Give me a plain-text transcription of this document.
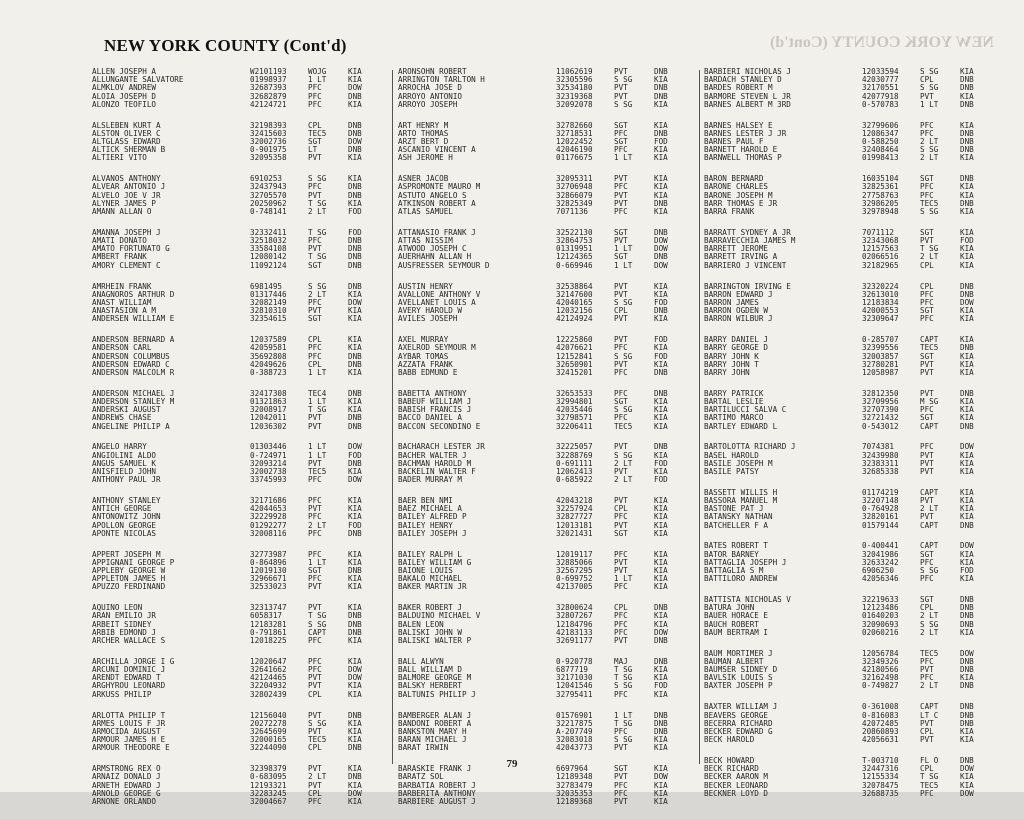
NEW YORK COUNTY (Cont'd)	NEW YORK COUNTY (Cont'd)
ALLEN JOSEPH A	W2101193	WOJG	KIA
ALLUNGANTE SALVATORE	01998937	1 LT	KIA
ALMKLOV ANDREW	32687393	PFC	DOW
ALOIA JOSEPH D	32682879	PFC	DNB
ALONZO TEOFILO	42124721	PFC	KIA
ALSLEBEN KURT A	32198393	CPL	DNB
ALSTON OLIVER C	32415603	TEC5	DNB
ALTGLASS EDWARD	32002736	SGT	DOW
ALTICK SHERMAN B	0-901975	LT	DNB
ALTIERI VITO	32095358	PVT	KIA
ALVANOS ANTHONY	6910253	S SG	KIA
ALVEAR ANTONIO J	32437943	PFC	DNB
ALVELO JOE V JR	32705570	PVT	DNB
ALYNER JAMES P	20250962	T SG	KIA
AMANN ALLAN O	0-748141	2 LT	FOD
AMANNA JOSEPH J	32332411	T SG	FOD
AMATI DONATO	32518032	PFC	DNB
AMATO FORTUNATO G	33584108	PVT	DNB
AMBERT FRANK	12080142	T SG	DNB
AMORY CLEMENT C	11092124	SGT	DNB
AMRHEIN FRANK	6981495	S SG	DNB
ANAGNOROS ARTHUR D	01317446	2 LT	KIA
ANAST WILLIAM	32082149	PFC	DOW
ANASTASION A M	32810310	PVT	KIA
ANDERSEN WILLIAM E	32354615	SGT	KIA
ANDERSON BERNARD A	12037589	CPL	KIA
ANDERSON CARL	42059581	PFC	KIA
ANDERSON COLUMBUS	35692808	PFC	DNB
ANDERSON EDWARD C	42049626	CPL	DNB
ANDERSON MALCOLM R	0-388723	1 LT	KIA
ANDERSON MICHAEL J	32417308	TEC4	DNB
ANDERSON STANLEY M	01321863	1 LT	KIA
ANDERSKI AUGUST	32008917	T SG	KIA
ANDREWS CHASE	12042011	PVT	DNB
ANGELINE PHILIP A	12036302	PVT	DNB
ANGELO HARRY	01303446	1 LT	DOW
ANGIOLINI ALDO	0-724971	1 LT	FOD
ANGUS SAMUEL K	32093214	PVT	DNB
ANISFIELD JOHN	32002738	TEC5	KIA
ANTHONY PAUL JR	33745993	PFC	DOW
ANTHONY STANLEY	32171686	PFC	KIA
ANTICH GEORGE	42044653	PVT	KIA
ANTONOWITZ JOHN	32229928	PFC	KIA
APOLLON GEORGE	01292277	2 LT	FOD
APONTE NICOLAS	32008116	PFC	DNB
APPERT JOSEPH M	32773987	PFC	KIA
APPIGNANI GEORGE P	0-864896	1 LT	KIA
APPLEBY GEORGE W	12019130	SGT	DNB
APPLETON JAMES H	32966671	PFC	KIA
APUZZO FERDINAND	32533023	PVT	KIA
AQUINO LEON	32313747	PVT	KIA
ARAN EMILIO JR	6058317	T SG	DNB
ARBEIT SIDNEY	12183281	S SG	DNB
ARBIB EDMOND J	0-791861	CAPT	DNB
ARCHER WALLACE S	12018225	PFC	KIA
ARCHILLA JORGE I G	12020647	PFC	KIA
ARCUNI DOMINIC J	32641662	PFC	DOW
ARENDT EDWARD T	42124465	PVT	DOW
ARGHYROU LEONARD	32204932	PVT	KIA
ARKUSS PHILIP	32802439	CPL	KIA
ARLOTTA PHILIP T	12156040	PVT	DNB
ARMES LOUIS F JR	20272278	S SG	KIA
ARMOCIDA AUGUST	32645699	PVT	KIA
ARMOUR JAMES H E	32000165	TEC5	KIA
ARMOUR THEODORE E	32244090	CPL	DNB
ARMSTRONG REX O	32398379	PVT	KIA
ARNAIZ DONALD J	0-683095	2 LT	DNB
ARNETH EDWARD J	12193321	PVT	KIA
ARNOLD GEORGE G	32283245	CPL	DOW
ARNONE ORLANDO	32004667	PFC	KIA
ARONSOHN ROBERT	11062619	PVT	DNB
ARRINGTON TARLTON H	32305596	S SG	KIA
ARROCHA JOSE D	32534180	PVT	DNB
ARROYO ANTONIO	32319368	PVT	DNB
ARROYO JOSEPH	32092078	S SG	KIA
ART HENRY M	32782660	SGT	KIA
ARTO THOMAS	32718531	PFC	DNB
ARZT BERT D	12022452	SGT	FOD
ASCANIO VINCENT A	42046190	PFC	KIA
ASH JEROME H	01176675	1 LT	KIA
ASNER JACOB	32095311	PVT	KIA
ASPROMONTE MAURO M	32706948	PFC	KIA
ASTUTO ANGELO S	32866079	PVT	KIA
ATKINSON ROBERT A	32825349	PVT	DNB
ATLAS SAMUEL	7071136	PFC	KIA
ATTANASIO FRANK J	32522130	SGT	DNB
ATTAS NISSIM	32864753	PVT	DOW
ATWOOD JOSEPH C	01319951	1 LT	DOW
AUERHAHN ALLAN H	12124365	SGT	DNB
AUSFRESSER SEYMOUR D	0-669946	1 LT	DOW
AUSTIN HENRY	32538864	PVT	KIA
AVALLONE ANTHONY V	32147600	PVT	KIA
AVELLANET LOUIS A	42040165	S SG	FOD
AVERY HAROLD W	12032156	CPL	DNB
AVILES JOSEPH	42124924	PVT	KIA
AXEL MURRAY	12225860	PVT	FOD
AXELROD SEYMOUR M	42076621	PFC	KIA
AYBAR TOMAS	12152841	S SG	FOD
AZZATA FRANK	32650901	PVT	KIA
BABB EDMUND E	32415201	PFC	DNB
BABETTA ANTHONY	32653533	PFC	DNB
BABEUF WILLIAM J	32994801	SGT	KIA
BABISH FRANCIS J	42035446	S SG	KIA
BACCO DANIEL A	32798571	PFC	KIA
BACCON SECONDINO E	32206411	TEC5	KIA
BACHARACH LESTER JR	32225057	PVT	DNB
BACHER WALTER J	32288769	S SG	KIA
BACHMAN HAROLD M	0-691111	2 LT	FOD
BACKELIN WALTER F	12062413	PVT	KIA
BADER MURRAY M	0-685922	2 LT	FOD
BAER BEN NMI	42043218	PVT	KIA
BAEZ MICHAEL A	32257924	CPL	KIA
BAILEY ALFRED P	32827727	PFC	KIA
BAILEY HENRY	12013181	PVT	KIA
BAILEY JOSEPH J	32021431	SGT	KIA
BAILEY RALPH L	12019117	PFC	KIA
BAILEY WILLIAM G	32885066	PVT	KIA
BAIONE LOUIS	32567295	PVT	KIA
BAKALO MICHAEL	0-699752	1 LT	KIA
BAKER MARTIN JR	42137005	PFC	KIA
BAKER ROBERT J	32800624	CPL	DNB
BALDUINO MICHAEL V	32807267	PFC	KIA
BALEN LEON	12184796	PFC	KIA
BALISKI JOHN W	42183133	PFC	DOW
BALISKI WALTER P	32691177	PVT	DNB
BALL ALWYN	0-920778	MAJ	DNB
BALL WILLIAM D	6877719	T SG	KIA
BALMORE GEORGE M	32171030	T SG	KIA
BALSKY HERBERT	12041546	S SG	FOD
BALTUNIS PHILIP J	32795411	PFC	KIA
BAMBERGER ALAN J	01576901	1 LT	DNB
BANDONI ROBERT A	32217875	T SG	DNB
BANKSTON MARY H	A-207749	PFC	DNB
BARAN MICHAEL J	32083018	S SG	KIA
BARAT IRWIN	42043773	PVT	KIA
BARASKIE FRANK J	6697964	SGT	KIA
BARATZ SOL	12189348	PVT	DOW
BARBATIA ROBERT J	32783479	PFC	KIA
BARBERITA ANTHONY	32035353	PFC	KIA
BARBIERE AUGUST J	12189368	PVT	KIA
BARBIERI NICHOLAS J	12033594	S SG	KIA
BARDACH STANLEY D	42030777	CPL	DNB
BARDES ROBERT M	32170551	S SG	DNB
BARMORE STEVEN L JR	42077918	PVT	KIA
BARNES ALBERT M 3RD	0-570783	1 LT	DNB
BARNES HALSEY E	32799606	PFC	KIA
BARNES LESTER J JR	12086347	PFC	DNB
BARNES PAUL F	0-588250	2 LT	DNB
BARNETT HAROLD E	32408464	S SG	DNB
BARNWELL THOMAS P	01998413	2 LT	KIA
BARON BERNARD	16035104	SGT	DNB
BARONE CHARLES	32825361	PFC	KIA
BARONE JOSEPH M	27758763	PFC	KIA
BARR THOMAS E JR	32986205	TEC5	DNB
BARRA FRANK	32978948	S SG	KIA
BARRATT SYDNEY A JR	7071112	SGT	KIA
BARRAVECCHIA JAMES M	32343068	PVT	FOD
BARRETT JEROME	12157563	T SG	KIA
BARRETT IRVING A	02066516	2 LT	KIA
BARRIERO J VINCENT	32182965	CPL	KIA
BARRINGTON IRVING E	32320224	CPL	DNB
BARRON EDWARD J	32613010	PFC	DNB
BARRON JAMES	12183834	PFC	DOW
BARRON OGDEN W	42000553	SGT	KIA
BARRON WILBUR J	32309647	PFC	KIA
BARRY DANIEL J	0-285707	CAPT	KIA
BARRY GEORGE D	32399556	TEC5	DNB
BARRY JOHN K	32003857	SGT	KIA
BARRY JOHN T	32780281	PVT	KIA
BARRY JOHN	12058987	PVT	KIA
BARRY PATRICK	32812350	PVT	DNB
BARTAL LESLIE	32709956	M SG	KIA
BARTILUCCI SALVA C	32707390	PFC	KIA
BARTIMO MARCO	32721432	SGT	KIA
BARTLEY EDWARD L	0-543012	CAPT	DNB
BARTOLOTTA RICHARD J	7074381	PFC	DOW
BASEL HAROLD	32439980	PVT	KIA
BASILE JOSEPH M	32383311	PVT	KIA
BASILE PATSY	32685338	PVT	KIA
BASSETT WILLIS H	01174219	CAPT	KIA
BASSORA MANUEL M	32207148	PVT	KIA
BASTONE PAT J	0-764928	2 LT	KIA
BATANSKY NATHAN	32820161	PVT	KIA
BATCHELLER F A	01579144	CAPT	DNB
BATES ROBERT T	0-400441	CAPT	DOW
BATOR BARNEY	32041986	SGT	KIA
BATTAGLIA JOSEPH J	32633242	PFC	KIA
BATTAGLIA S M	6906250	S SG	FOD
BATTILORO ANDREW	42056346	PFC	KIA
BATTISTA NICHOLAS V	32219633	SGT	DNB
BATURA JOHN	12123486	CPL	DNB
BAUER HORACE E	01640203	2 LT	DNB
BAUCH ROBERT	32090693	S SG	DNB
BAUM BERTRAM I	02060216	2 LT	KIA
BAUM MORTIMER J	12056784	TEC5	DOW
BAUMAN ALBERT	32349326	PFC	DNB
BAUMSER SIDNEY D	42180566	PVT	DNB
BAVLSIK LOUIS S	32162498	PFC	KIA
BAXTER JOSEPH P	0-749827	2 LT	DNB
BAXTER WILLIAM J	0-361008	CAPT	DNB
BEAVERS GEORGE	0-816083	LT C	DNB
BECERRA RICHARD	42072485	PVT	DNB
BECKER EDWARD G	20860893	CPL	KIA
BECK HAROLD	42056631	PVT	KIA
BECK HOWARD	T-003710	FL O	DNB
BECK RICHARD	32447316	CPL	DOW
BECKER AARON M	12155334	T SG	KIA
BECKER LEONARD	32078475	TEC5	KIA
BECKNER LOYD D	32688735	PFC	DOW
79
